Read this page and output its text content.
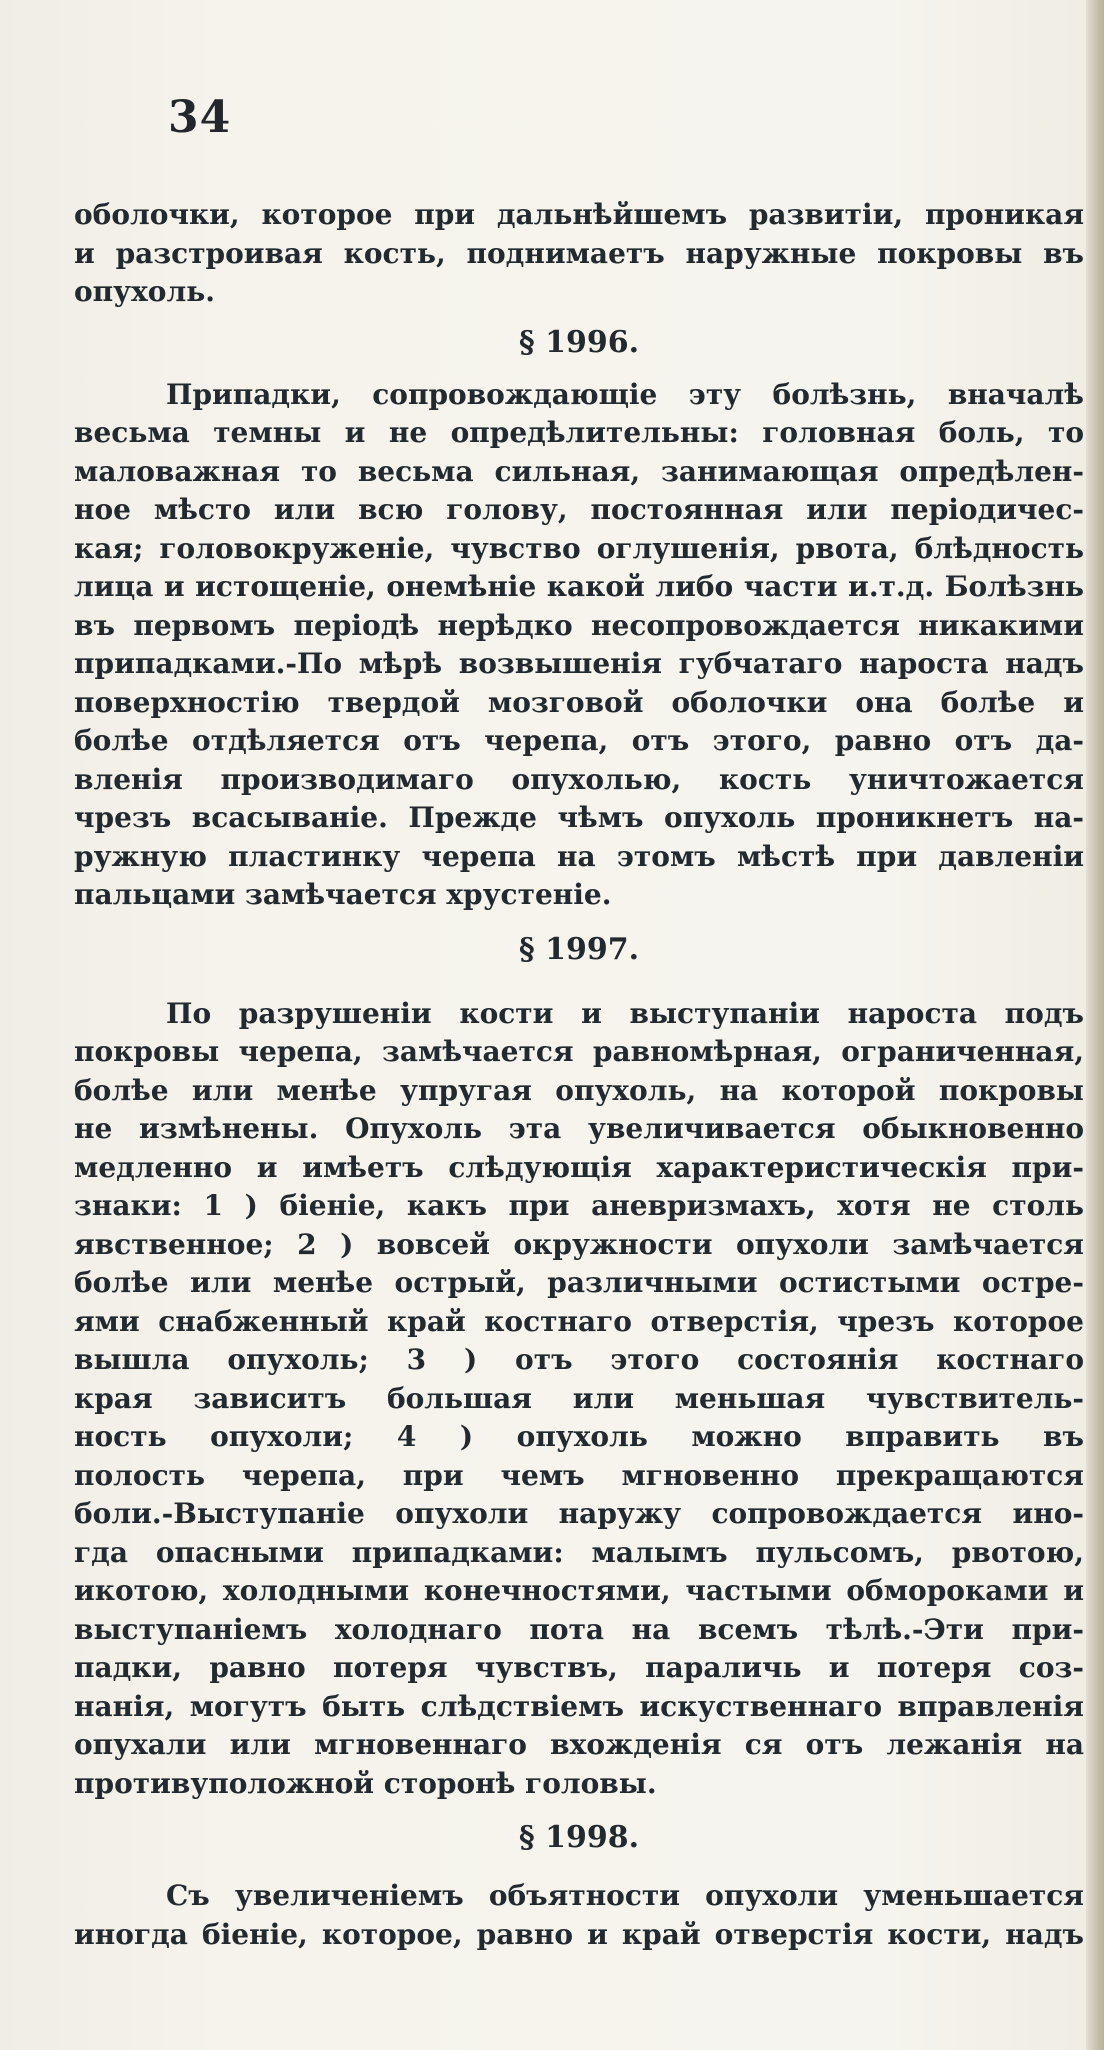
34
оболочки, которое при дальнѣйшемъ развитіи, проникая
и разстроивая кость, поднимаетъ наружные покровы въ
опухоль.
§ 1996.
Припадки, сопровождающіе эту болѣзнь, вначалѣ
весьма темны и не опредѣлительны: головная боль, то
маловажная то весьма сильная, занимающая опредѣлен-
ное мѣсто или всю голову, постоянная или періодичес-
кая; головокруженіе, чувство оглушенія, рвота, блѣдность
лица и истощеніе, онемѣніе какой либо части и.т.д. Болѣзнь
въ первомъ періодѣ нерѣдко несопровождается никакими
припадками.-По мѣрѣ возвышенія губчатаго нароста надъ
поверхностію твердой мозговой оболочки она болѣе и
болѣе отдѣляется отъ черепа, отъ этого, равно отъ да-
вленія производимаго опухолью, кость уничтожается
чрезъ всасываніе. Прежде чѣмъ опухоль проникнетъ на-
ружную пластинку черепа на этомъ мѣстѣ при давленіи
пальцами замѣчается хрустеніе.
§ 1997.
По разрушеніи кости и выступаніи нароста подъ
покровы черепа, замѣчается равномѣрная, ограниченная,
болѣе или менѣе упругая опухоль, на которой покровы
не измѣнены. Опухоль эта увеличивается обыкновенно
медленно и имѣетъ слѣдующія характеристическія при-
знаки: 1 ) біеніе, какъ при аневризмахъ, хотя не столь
явственное; 2 ) вовсей окружности опухоли замѣчается
болѣе или менѣе острый, различными остистыми остре-
ями снабженный край костнаго отверстія, чрезъ которое
вышла опухоль; 3 ) отъ этого состоянія костнаго
края зависитъ большая или меньшая чувствитель-
ность опухоли; 4 ) опухоль можно вправить въ
полость черепа, при чемъ мгновенно прекращаются
боли.-Выступаніе опухоли наружу сопровождается ино-
гда опасными припадками: малымъ пульсомъ, рвотою,
икотою, холодными конечностями, частыми обмороками и
выступаніемъ холоднаго пота на всемъ тѣлѣ.-Эти при-
падки, равно потеря чувствъ, параличь и потеря соз-
нанія, могутъ быть слѣдствіемъ искуственнаго вправленія
опухали или мгновеннаго вхожденія ся отъ лежанія на
противуположной сторонѣ головы.
§ 1998.
Съ увеличеніемъ объятности опухоли уменьшается
иногда біеніе, которое, равно и край отверстія кости, надъ
